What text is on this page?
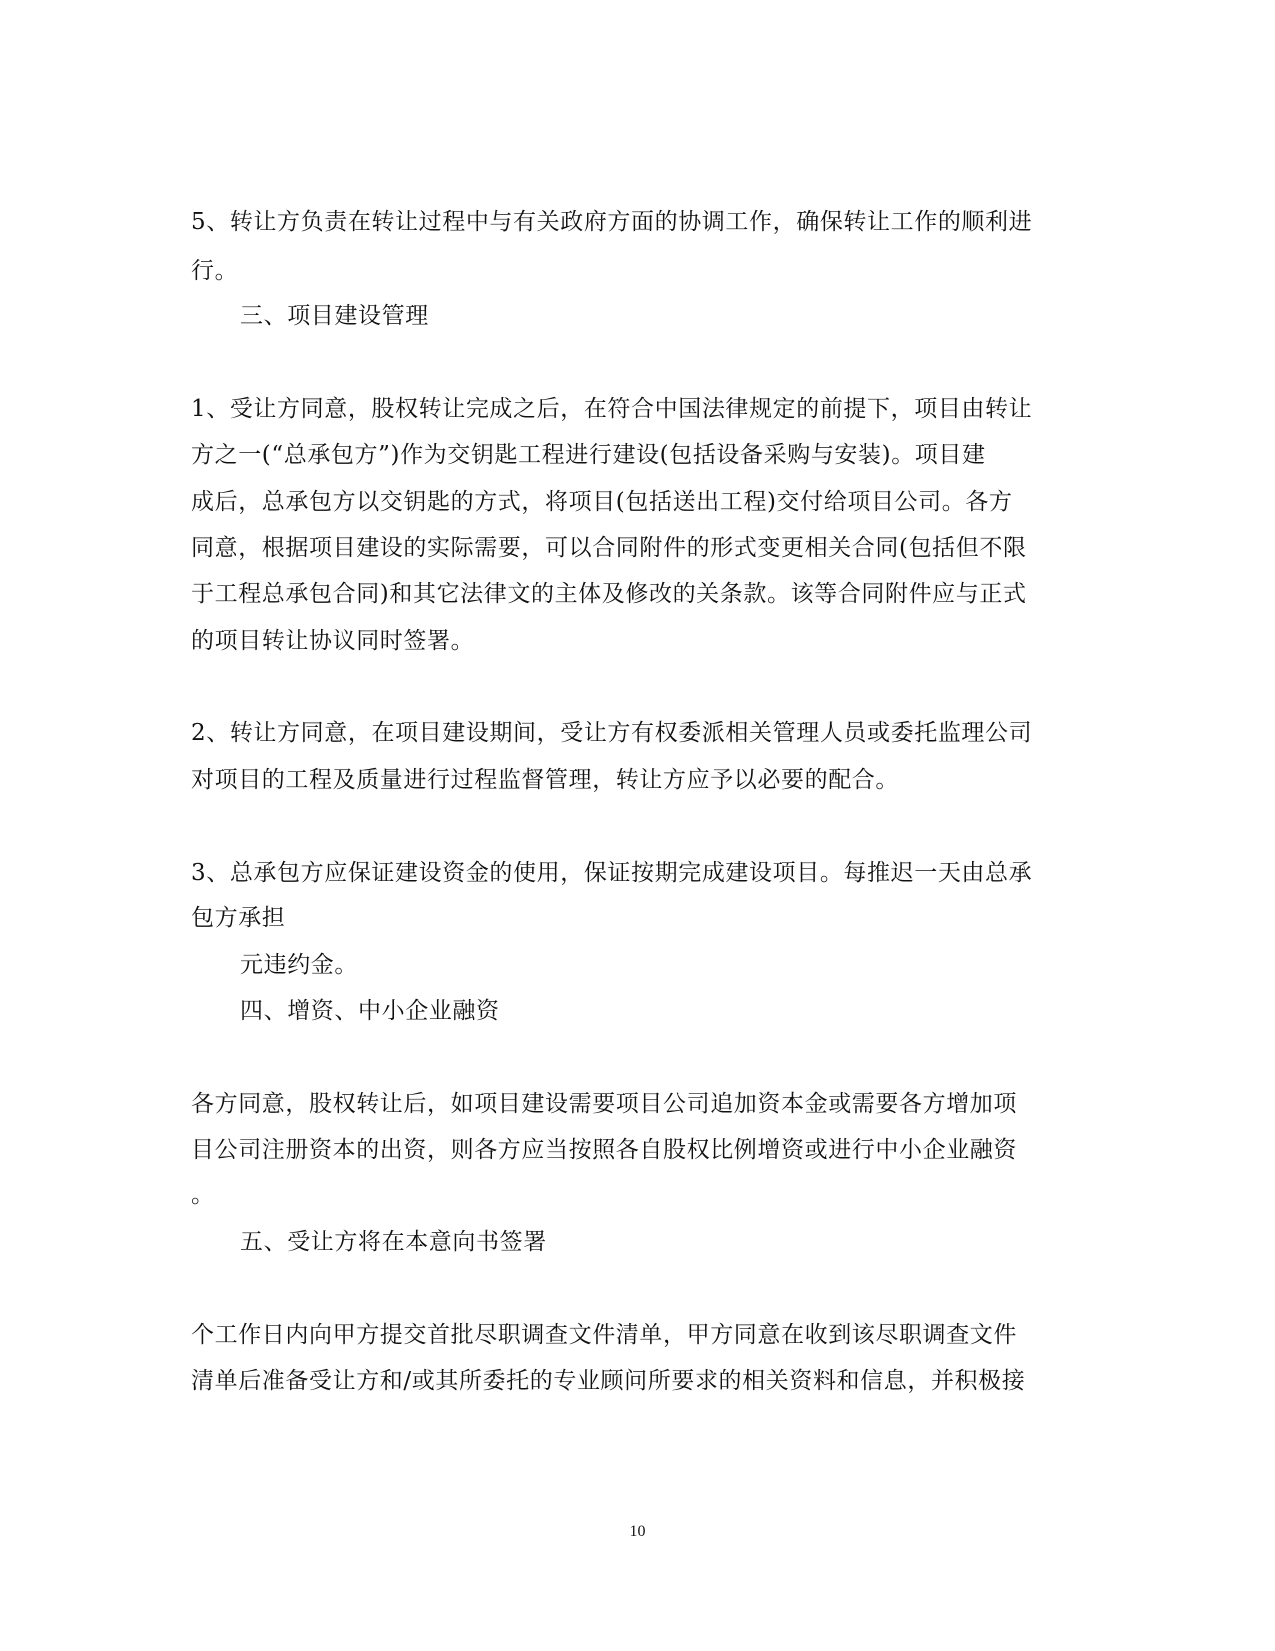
5、转让方负责在转让过程中与有关政府方面的协调工作，确保转让工作的顺利进
行。
三、项目建设管理
1、受让方同意，股权转让完成之后，在符合中国法律规定的前提下，项目由转让
方之一(“总承包方”)作为交钥匙工程进行建设(包括设备采购与安装)。项目建
成后，总承包方以交钥匙的方式，将项目(包括送出工程)交付给项目公司。各方
同意，根据项目建设的实际需要，可以合同附件的形式变更相关合同(包括但不限
于工程总承包合同)和其它法律文的主体及修改的关条款。该等合同附件应与正式
的项目转让协议同时签署。
2、转让方同意，在项目建设期间，受让方有权委派相关管理人员或委托监理公司
对项目的工程及质量进行过程监督管理，转让方应予以必要的配合。
3、总承包方应保证建设资金的使用，保证按期完成建设项目。每推迟一天由总承
包方承担
元违约金。
四、增资、中小企业融资
各方同意，股权转让后，如项目建设需要项目公司追加资本金或需要各方增加项
目公司注册资本的出资，则各方应当按照各自股权比例增资或进行中小企业融资
。
五、受让方将在本意向书签署
个工作日内向甲方提交首批尽职调查文件清单，甲方同意在收到该尽职调查文件
清单后准备受让方和/或其所委托的专业顾问所要求的相关资料和信息，并积极接
10
